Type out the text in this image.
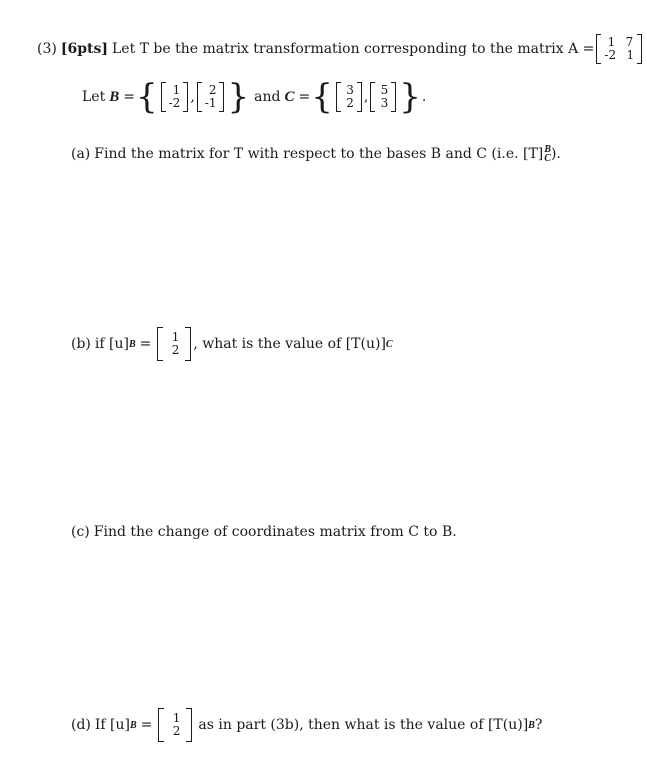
(3) [6pts] Let T be the matrix transformation corresponding to the matrix A = 1 7
-2 1
Let B = {	1
-2 ,	2
-1 } and C = { 3
2 , 5
3 } .
(a) Find the matrix for T with respect to the bases B and C (i.e. [T] B
C ).
(b) if [u] B = 1
2 , what is the value of [T(u)] C
(c) Find the change of coordinates matrix from C to B.
(d) If [u] B = 1
2 as in part (3b), then what is the value of [T(u)] B ?
